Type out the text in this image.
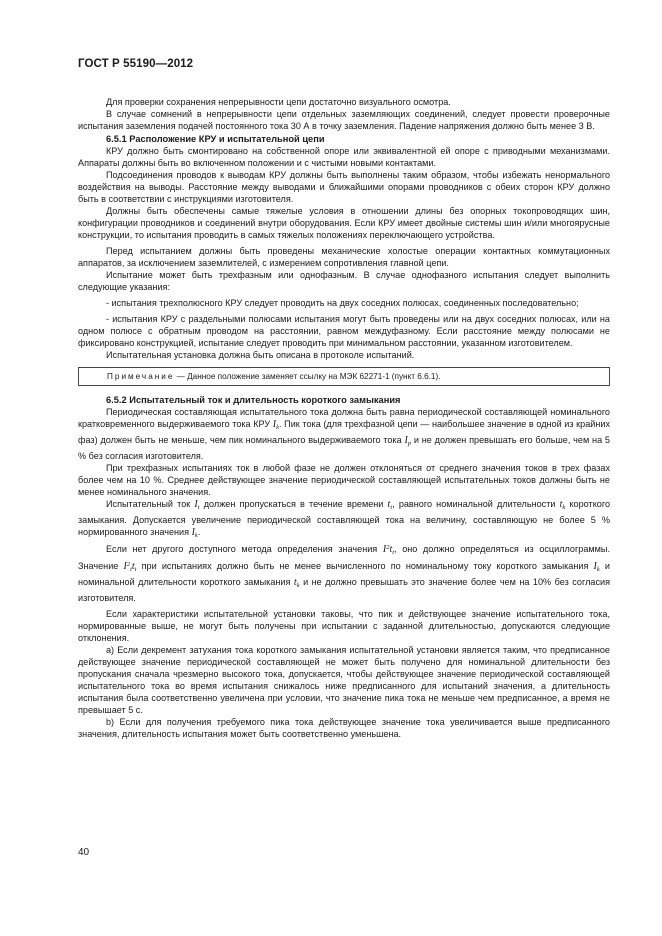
ГОСТ Р 55190—2012

Для проверки сохранения непрерывности цепи достаточно визуального осмотра.

В случае сомнений в непрерывности цепи отдельных заземляющих соединений, следует провести проверочные испытания заземления подачей постоянного тока 30 А в точку заземления. Падение напряжения должно быть менее 3 В.

6.5.1 Расположение КРУ и испытательной цепи

КРУ должно быть смонтировано на собственной опоре или эквивалентной ей опоре с приводными механизмами. Аппараты должны быть во включенном положении и с чистыми новыми контактами.

Подсоединения проводов к выводам КРУ должны быть выполнены таким образом, чтобы избежать ненормального воздействия на выводы. Расстояние между выводами и ближайшими опорами проводников с обеих сторон КРУ должно быть в соответствии с инструкциями изготовителя.

Должны быть обеспечены самые тяжелые условия в отношении длины без опорных токопроводящих шин, конфигурации проводников и соединений внутри оборудования. Если КРУ имеет двойные системы шин и/или многоярусные конструкции, то испытания проводить в самых тяжелых положениях переключающего устройства.

Перед испытанием должны быть проведены механические холостые операции контактных коммутационных аппаратов, за исключением заземлителей, с измерением сопротивления главной цепи.

Испытание может быть трехфазным или однофазным. В случае однофазного испытания следует выполнить следующие указания:

- испытания трехполюсного КРУ следует проводить на двух соседних полюсах, соединенных последовательно;

- испытания КРУ с раздельными полюсами испытания могут быть проведены или на двух соседних полюсах, или на одном полюсе с обратным проводом на расстоянии, равном междуфазному. Если расстояние между полюсами не фиксировано конструкцией, испытание следует проводить при минимальном расстоянии, указанном изготовителем.

Испытательная установка должна быть описана в протоколе испытаний.

Примечание — Данное положение заменяет ссылку на МЭК 62271-1 (пункт 6.6.1).

6.5.2 Испытательный ток и длительность короткого замыкания

Периодическая составляющая испытательного тока должна быть равна периодической составляющей номинального кратковременного выдерживаемого тока КРУ $I_k$. Пик тока (для трехфазной цепи — наибольшее значение в одной из крайних фаз) должен быть не меньше, чем пик номинального выдерживаемого тока $I_p$ и не должен превышать его больше, чем на 5 % без согласия изготовителя.

При трехфазных испытаниях ток в любой фазе не должен отклоняться от среднего значения токов в трех фазах более чем на 10 %. Среднее действующее значение периодической составляющей испытательных токов должны быть не менее номинального значения.

Испытательный ток $I_t$ должен пропускаться в течение времени $t_t$, равного номинальной длительности $t_k$ короткого замыкания. Допускается увеличение периодической составляющей тока на величину, составляющую не более 5 % нормированного значения $I_k$.

Если нет другого доступного метода определения значения $I^2t_t$, оно должно определяться из осциллограммы. Значение $I^2_tt_t$ при испытаниях должно быть не менее вычисленного по номинальному току короткого замыкания $I_k$ и номинальной длительности короткого замыкания $t_k$ и не должно превышать это значение более чем на 10% без согласия изготовителя.

Если характеристики испытательной установки таковы, что пик и действующее значение испытательного тока, нормированные выше, не могут быть получены при испытании с заданной длительностью, допускаются следующие отклонения.

а) Если декремент затухания тока короткого замыкания испытательной установки является таким, что предписанное действующее значение периодической составляющей не может быть получено для номинальной длительности без пропускания сначала чрезмерно высокого тока, допускается, чтобы действующее значение периодической составляющей испытательного тока во время испытания снижалось ниже предписанного для испытаний значения, а длительность испытания была соответственно увеличена при условии, что значение пика тока не меньше чем предписанное, а время не превышает 5 с.

b) Если для получения требуемого пика тока действующее значение тока увеличивается выше предписанного значения, длительность испытания может быть соответственно уменьшена.

40
